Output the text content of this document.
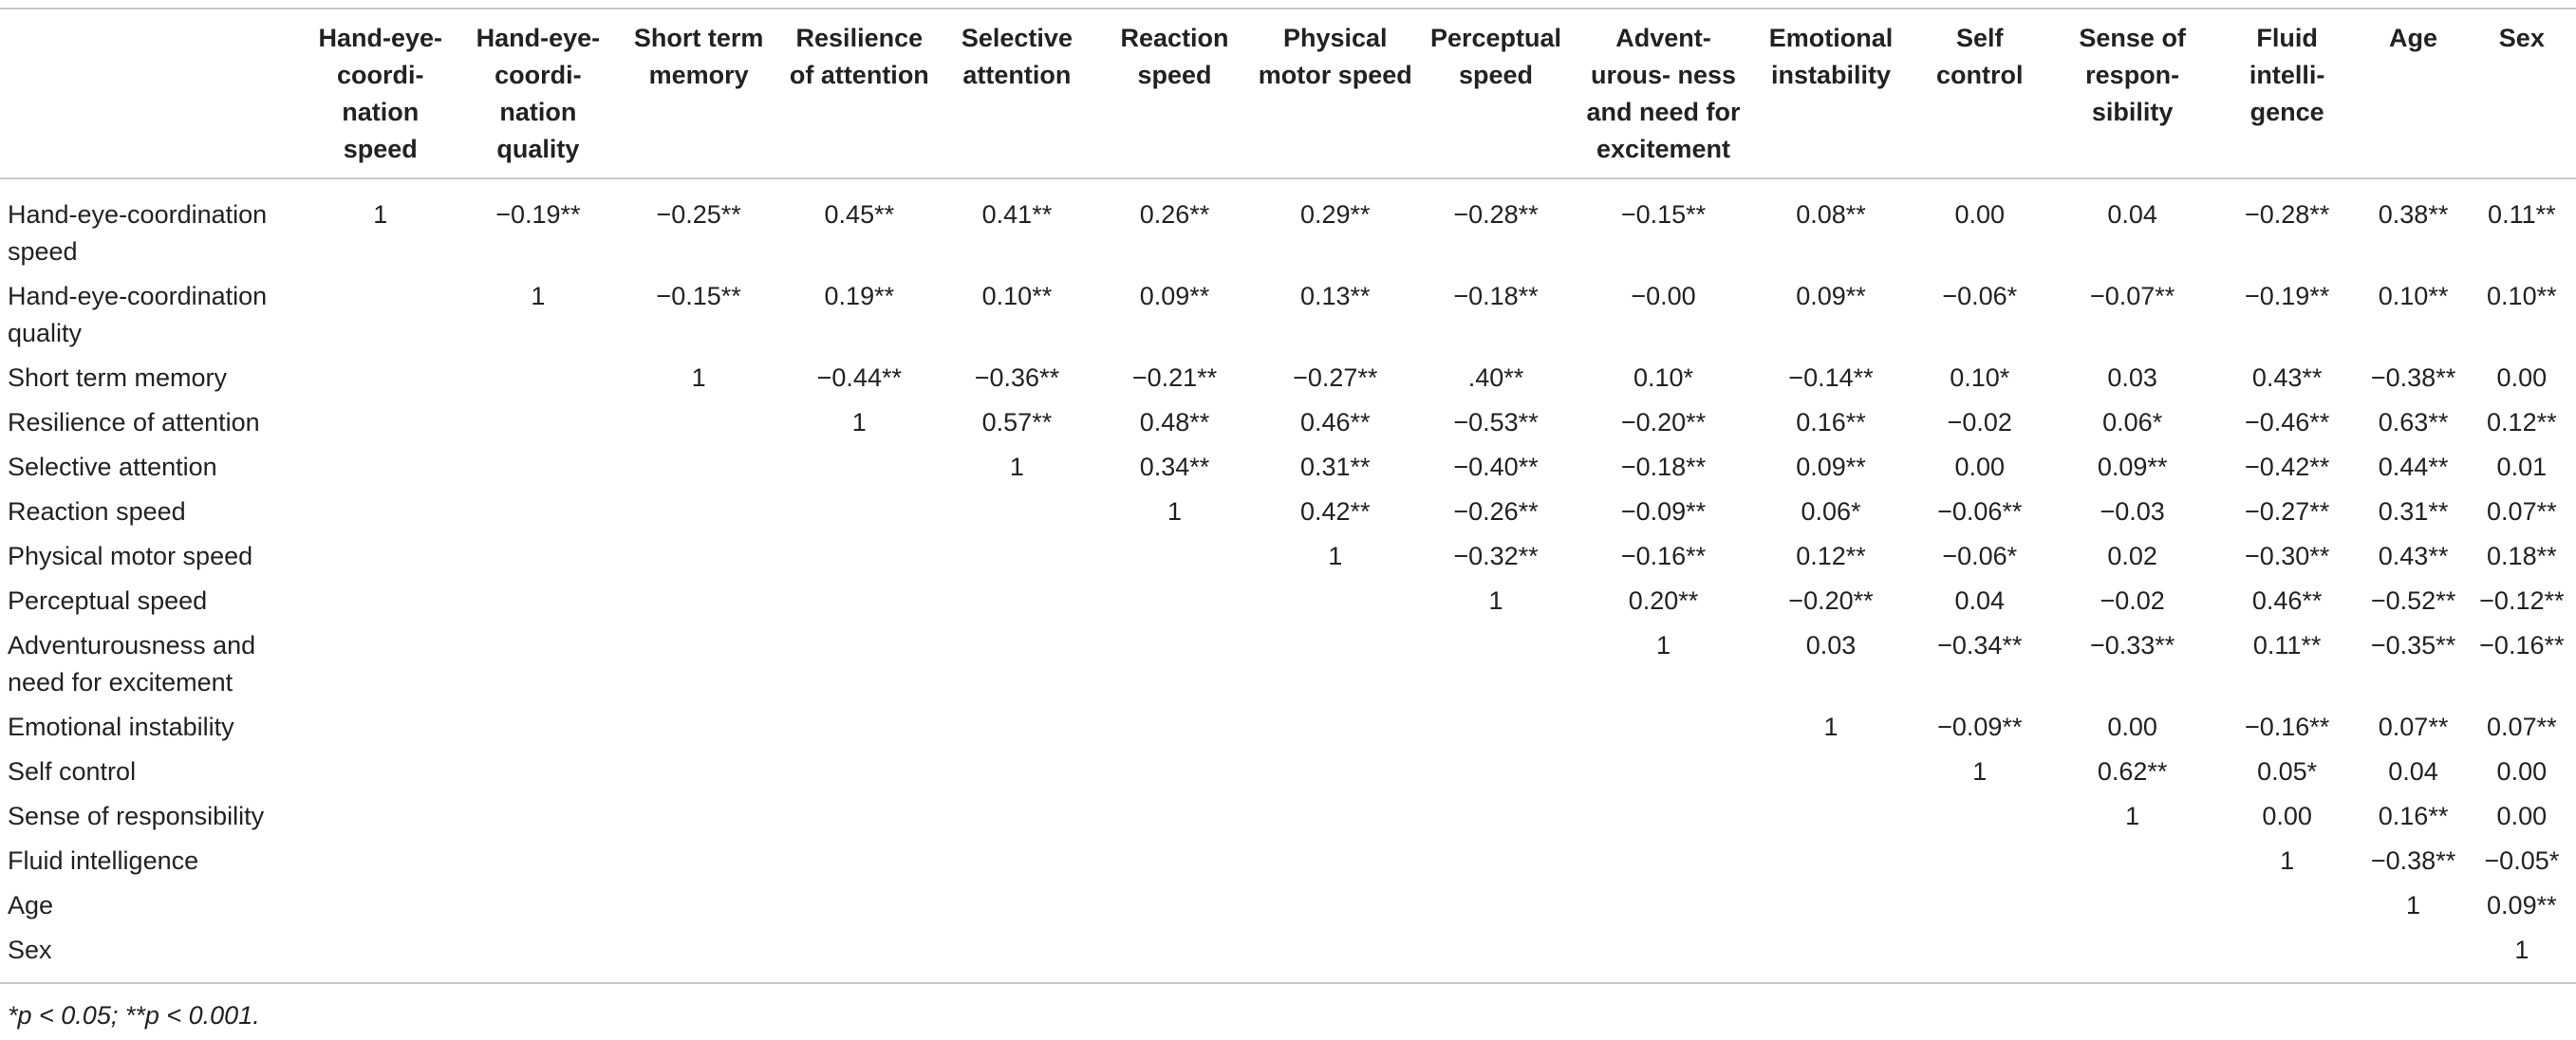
	Hand-eye-coordi-nation speed	Hand-eye-coordi-nation quality	Short term memory	Resilience of attention	Selective attention	Reaction speed	Physical motor speed	Perceptual speed	Advent-urous- ness and need for excitement	Emotional instability	Self control	Sense of respon-sibility	Fluid intelli-gence	Age	Sex
Hand-eye-coordination speed	1	−0.19**	−0.25**	0.45**	0.41**	0.26**	0.29**	−0.28**	−0.15**	0.08**	0.00	0.04	−0.28**	0.38**	0.11**
Hand-eye-coordination quality		1	−0.15**	0.19**	0.10**	0.09**	0.13**	−0.18**	−0.00	0.09**	−0.06*	−0.07**	−0.19**	0.10**	0.10**
Short term memory			1	−0.44**	−0.36**	−0.21**	−0.27**	.40**	0.10*	−0.14**	0.10*	0.03	0.43**	−0.38**	0.00
Resilience of attention				1	0.57**	0.48**	0.46**	−0.53**	−0.20**	0.16**	−0.02	0.06*	−0.46**	0.63**	0.12**
Selective attention					1	0.34**	0.31**	−0.40**	−0.18**	0.09**	0.00	0.09**	−0.42**	0.44**	0.01
Reaction speed						1	0.42**	−0.26**	−0.09**	0.06*	−0.06**	−0.03	−0.27**	0.31**	0.07**
Physical motor speed							1	−0.32**	−0.16**	0.12**	−0.06*	0.02	−0.30**	0.43**	0.18**
Perceptual speed								1	0.20**	−0.20**	0.04	−0.02	0.46**	−0.52**	−0.12**
Adventurousness and need for excitement									1	0.03	−0.34**	−0.33**	0.11**	−0.35**	−0.16**
Emotional instability										1	−0.09**	0.00	−0.16**	0.07**	0.07**
Self control											1	0.62**	0.05*	0.04	0.00
Sense of responsibility												1	0.00	0.16**	0.00
Fluid intelligence													1	−0.38**	−0.05*
Age														1	0.09**
Sex															1
*p < 0.05; **p < 0.001.
